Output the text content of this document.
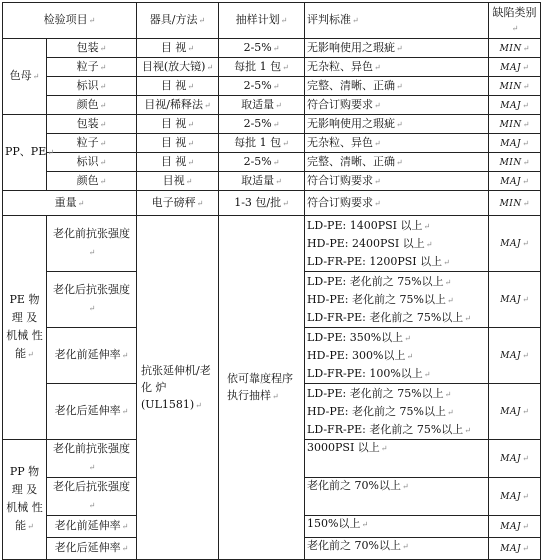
检验项目↵		器具/方法↵	抽样计划↵	评判标准↵	缺陷类别↵
色母↵	包装↵	目 视↵	2-5%↵	无影响使用之瑕疵↵	MIN↵
	粒子↵	目视(放大镜)↵	每批 1 包↵	无杂粒、异色↵	MAJ↵
	标识↵	目 视↵	2-5%↵	完整、清晰、正确↵	MIN↵
	颜色↵	目视/稀释法↵	取适量↵	符合订购要求↵	MAJ↵
PP、PE↵	包装↵	目 视↵	2-5%↵	无影响使用之瑕疵↵	MIN↵
	粒子↵	目 视↵	每批 1 包↵	无杂粒、异色↵	MAJ↵
	标识↵	目 视↵	2-5%↵	完整、清晰、正确↵	MIN↵
	颜色↵	目视↵	取适量↵	符合订购要求↵	MAJ↵
重量↵		电子磅秤↵	1-3 包/批↵	符合订购要求↵	MIN↵
PE 物理 及 机械 性能↵	老化前抗张强度↵	抗张延伸机/老 化 炉 (UL1581)↵	依可靠度程序执行抽样↵	LD-PE: 1400PSI 以上↵
HD-PE: 2400PSI 以上↵
LD-FR-PE: 1200PSI 以上↵	MAJ↵
	老化后抗张强度↵			LD-PE: 老化前之 75%以上↵
HD-PE: 老化前之 75%以上↵
LD-FR-PE: 老化前之 75%以上↵	MAJ↵
	老化前延伸率↵			LD-PE: 350%以上↵
HD-PE: 300%以上↵
LD-FR-PE: 100%以上↵	MAJ↵
	老化后延伸率↵			LD-PE: 老化前之 75%以上↵
HD-PE: 老化前之 75%以上↵
LD-FR-PE: 老化前之 75%以上↵	MAJ↵
PP 物理 及 机械 性能↵	老化前抗张强度↵			3000PSI 以上↵	MAJ↵
	老化后抗张强度↵			老化前之 70%以上↵	MAJ↵
	老化前延伸率↵			150%以上↵	MAJ↵
	老化后延伸率↵			老化前之 70%以上↵	MAJ↵
